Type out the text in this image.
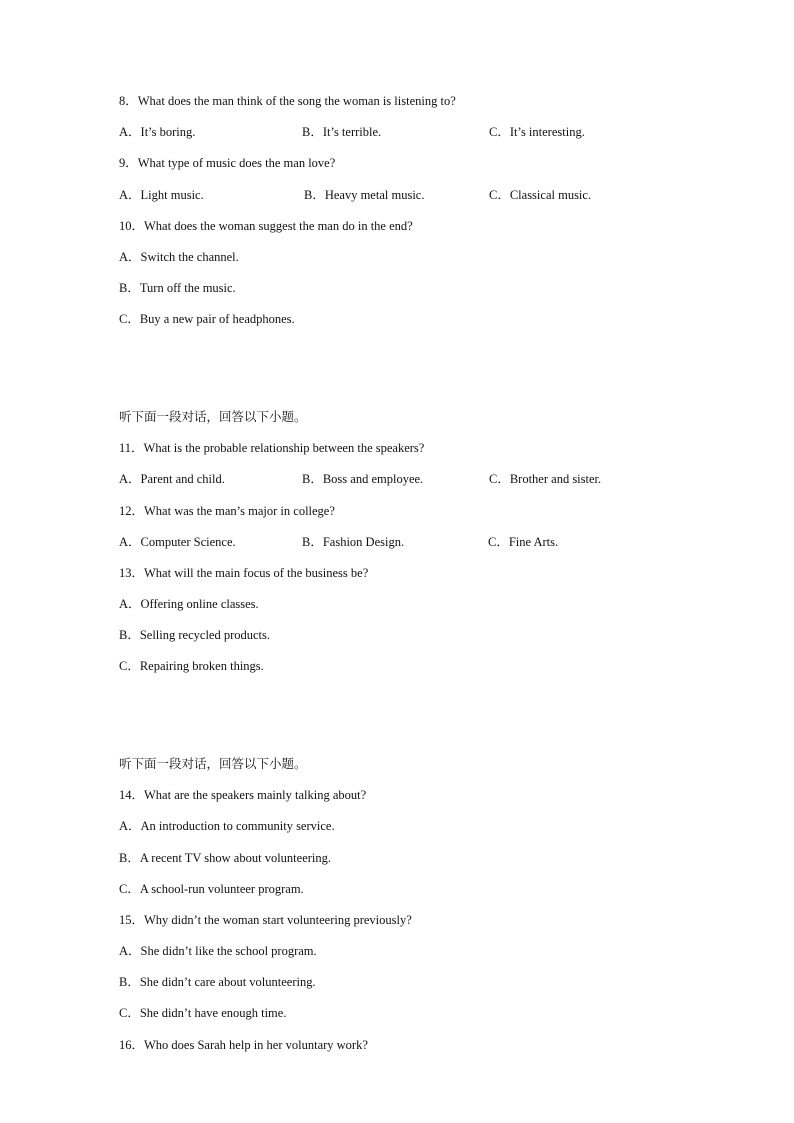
8．What does the man think of the song the woman is listening to?
A．It’s boring.	B．It’s terrible.	C．It’s interesting.
9．What type of music does the man love?
A．Light music.	B．Heavy metal music.	C．Classical music.
10．What does the woman suggest the man do in the end?
A．Switch the channel.
B．Turn off the music.
C．Buy a new pair of headphones.
听下面一段对话，回答以下小题。
11．What is the probable relationship between the speakers?
A．Parent and child.	B．Boss and employee.	C．Brother and sister.
12．What was the man’s major in college?
A．Computer Science.	B．Fashion Design.	C．Fine Arts.
13．What will the main focus of the business be?
A．Offering online classes.
B．Selling recycled products.
C．Repairing broken things.
听下面一段对话，回答以下小题。
14．What are the speakers mainly talking about?
A．An introduction to community service.
B．A recent TV show about volunteering.
C．A school-run volunteer program.
15．Why didn’t the woman start volunteering previously?
A．She didn’t like the school program.
B．She didn’t care about volunteering.
C．She didn’t have enough time.
16．Who does Sarah help in her voluntary work?
